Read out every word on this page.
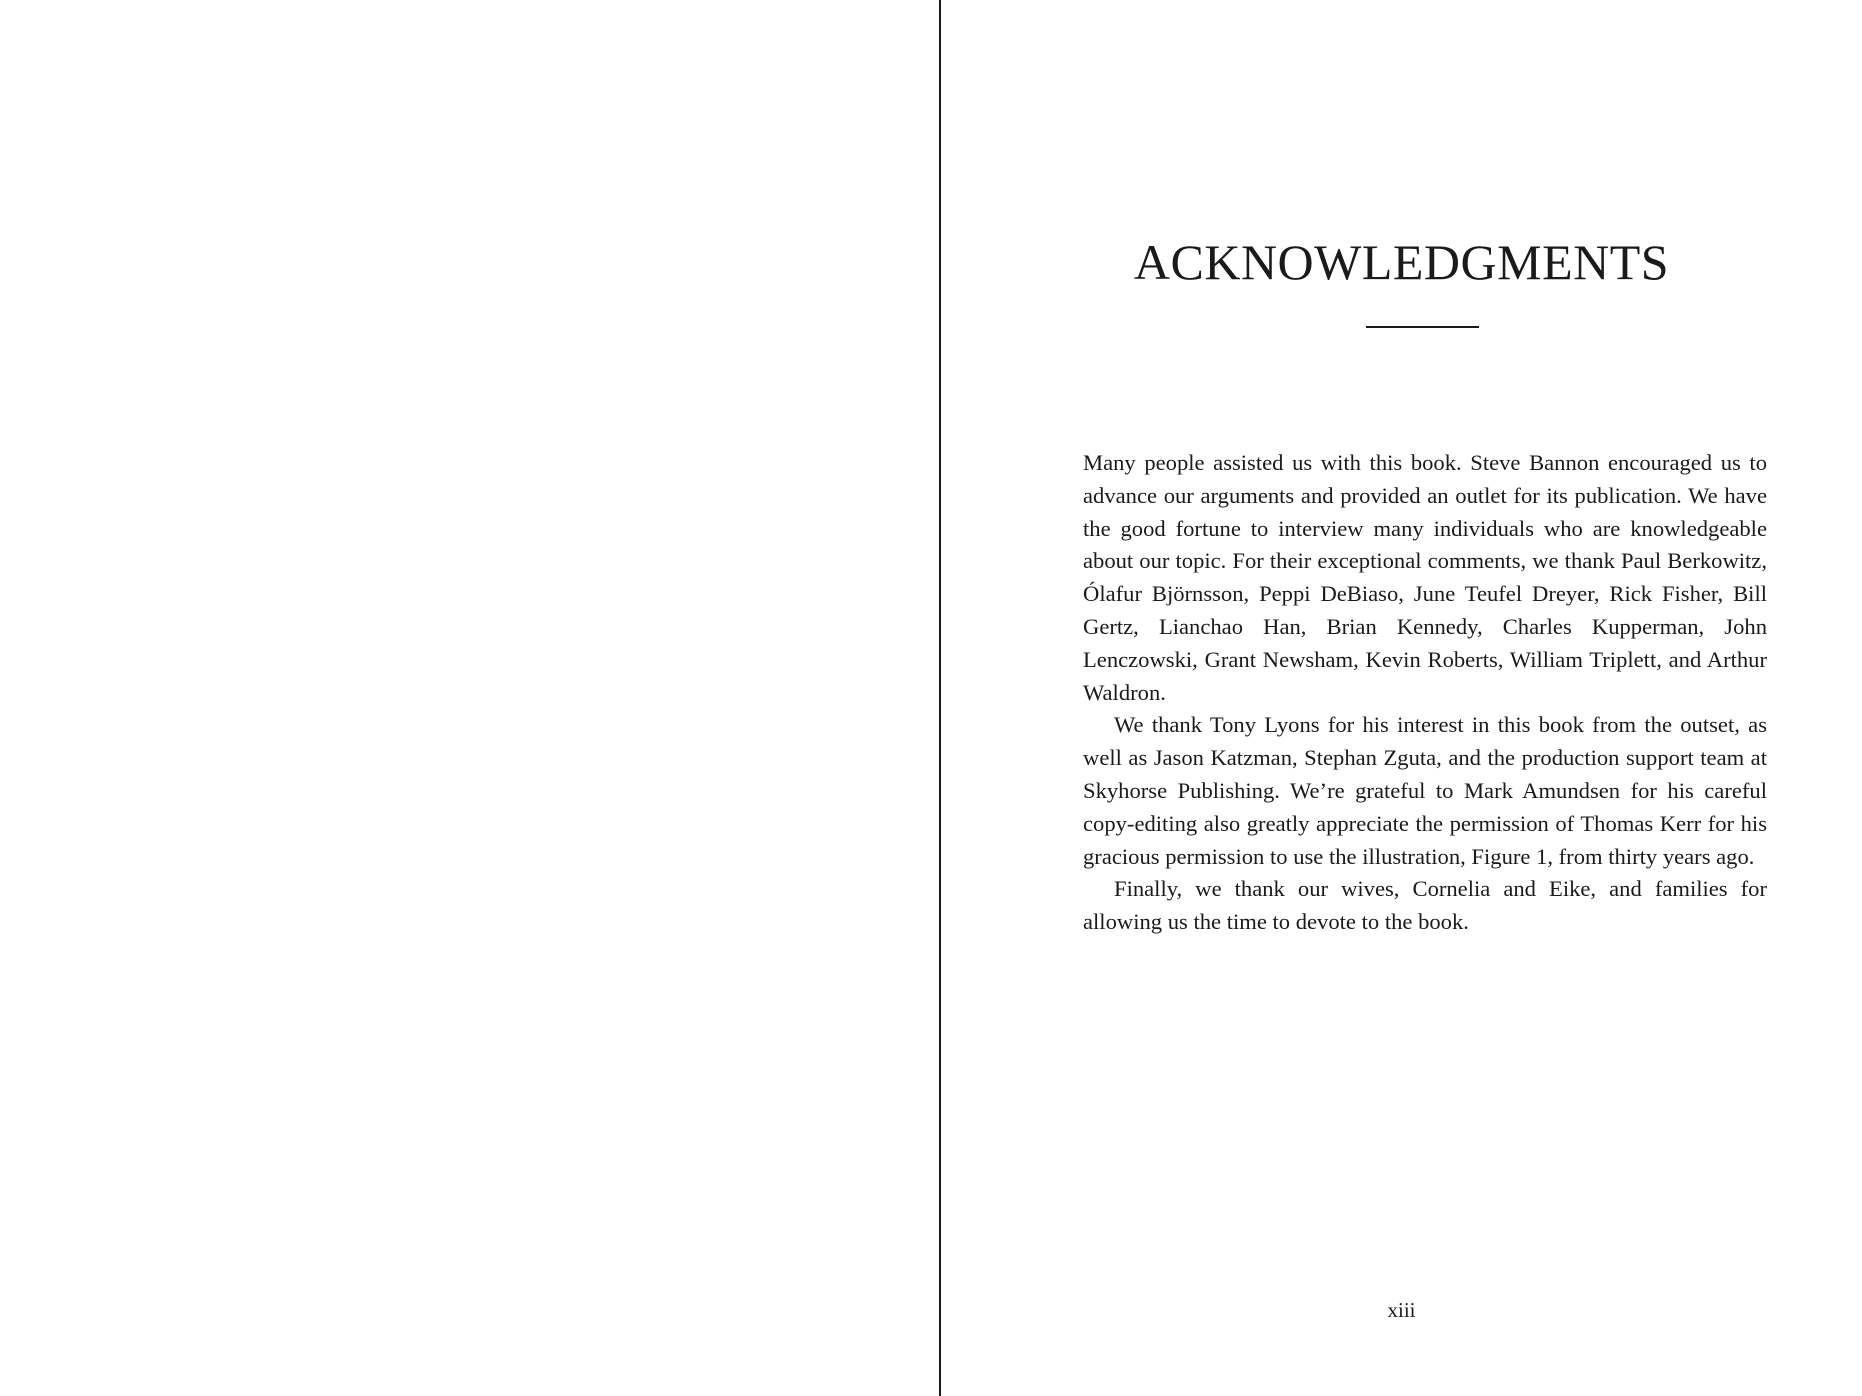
ACKNOWLEDGMENTS

Many people assisted us with this book. Steve Bannon encouraged us to advance our arguments and provided an outlet for its publication. We have the good fortune to interview many individuals who are knowledgeable about our topic. For their exceptional comments, we thank Paul Berkowitz, Ólafur Björnsson, Peppi DeBiaso, June Teufel Dreyer, Rick Fisher, Bill Gertz, Lianchao Han, Brian Kennedy, Charles Kupperman, John Lenczowski, Grant Newsham, Kevin Roberts, William Triplett, and Arthur Waldron.

We thank Tony Lyons for his interest in this book from the outset, as well as Jason Katzman, Stephan Zguta, and the production support team at Skyhorse Publishing. We’re grateful to Mark Amundsen for his careful copy-editing also greatly appreciate the permission of Thomas Kerr for his gracious permission to use the illustration, Figure 1, from thirty years ago.

Finally, we thank our wives, Cornelia and Eike, and families for allowing us the time to devote to the book.

xiii
